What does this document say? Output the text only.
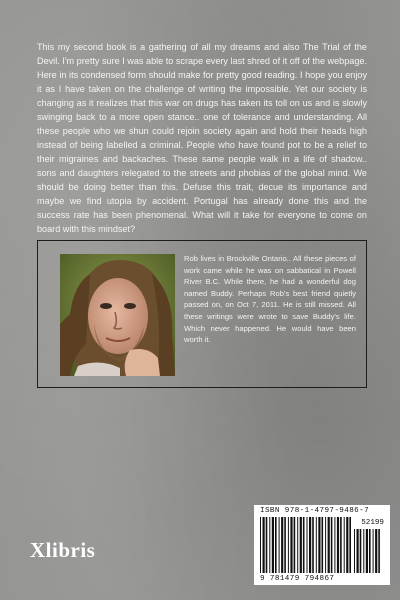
This my second book is a gathering of all my dreams and also The Trial of the Devil. I'm pretty sure I was able to scrape every last shred of it off of the webpage. Here in its condensed form should make for pretty good reading. I hope you enjoy it as I have taken on the challenge of writing the impossible. Yet our society is changing as it realizes that this war on drugs has taken its toll on us and is slowly swinging back to a more open stance.. one of tolerance and understanding. All these people who we shun could rejoin society again and hold their heads high instead of being labelled a criminal. People who have found pot to be a relief to their migraines and backaches. These same people walk in a life of shadow.. sons and daughters relegated to the streets and phobias of the global mind. We should be doing better than this. Defuse this trait, decue its importance and maybe we find utopia by accident. Portugal has already done this and the success rate has been phenomenal. What will it take for everyone to come on board with this mindset?

Rob lives in Brockville Ontario.. All these pieces of work came while he was on sabbatical in Powell River B.C. While there, he had a wonderful dog named Buddy. Perhaps Rob's best friend quietly passed on, on Oct 7, 2011. He is still missed. All these writings were wrote to save Buddy's life. Which never happened. He would have been worth it.

Xlibris
ISBN 978-1-4797-9486-7
52199
9 781479 794867
